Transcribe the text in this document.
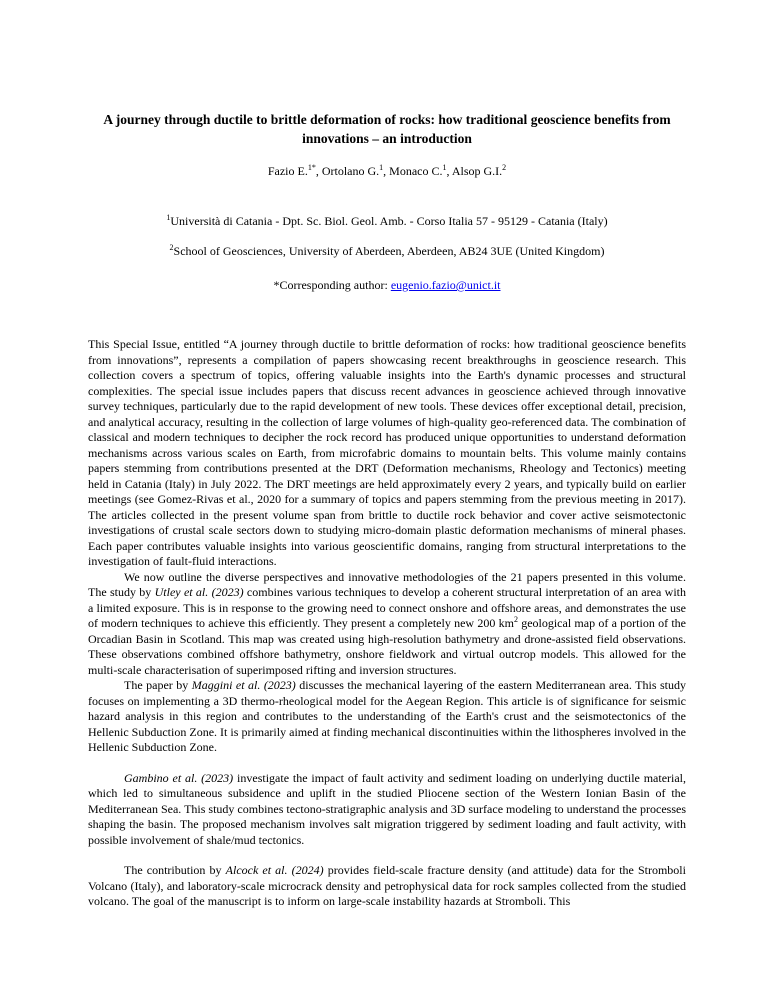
A journey through ductile to brittle deformation of rocks: how traditional geoscience benefits from innovations – an introduction
Fazio E.$^{1*}$, Ortolano G.$^1$, Monaco C.$^1$, Alsop G.I.$^2$
$^1$Università di Catania - Dpt. Sc. Biol. Geol. Amb. - Corso Italia 57 - 95129 - Catania (Italy)
$^2$School of Geosciences, University of Aberdeen, Aberdeen, AB24 3UE (United Kingdom)
*Corresponding author: eugenio.fazio@unict.it

This Special Issue, entitled “A journey through ductile to brittle deformation of rocks: how traditional geoscience benefits from innovations”, represents a compilation of papers showcasing recent breakthroughs in geoscience research. This collection covers a spectrum of topics, offering valuable insights into the Earth's dynamic processes and structural complexities. The special issue includes papers that discuss recent advances in geoscience achieved through innovative survey techniques, particularly due to the rapid development of new tools. These devices offer exceptional detail, precision, and analytical accuracy, resulting in the collection of large volumes of high-quality geo-referenced data. The combination of classical and modern techniques to decipher the rock record has produced unique opportunities to understand deformation mechanisms across various scales on Earth, from microfabric domains to mountain belts. This volume mainly contains papers stemming from contributions presented at the DRT (Deformation mechanisms, Rheology and Tectonics) meeting held in Catania (Italy) in July 2022. The DRT meetings are held approximately every 2 years, and typically build on earlier meetings (see Gomez-Rivas et al., 2020 for a summary of topics and papers stemming from the previous meeting in 2017). The articles collected in the present volume span from brittle to ductile rock behavior and cover active seismotectonic investigations of crustal scale sectors down to studying micro-domain plastic deformation mechanisms of mineral phases. Each paper contributes valuable insights into various geoscientific domains, ranging from structural interpretations to the investigation of fault-fluid interactions.

We now outline the diverse perspectives and innovative methodologies of the 21 papers presented in this volume. The study by Utley et al. (2023) combines various techniques to develop a coherent structural interpretation of an area with a limited exposure. This is in response to the growing need to connect onshore and offshore areas, and demonstrates the use of modern techniques to achieve this efficiently. They present a completely new 200 $km^2$ geological map of a portion of the Orcadian Basin in Scotland. This map was created using high-resolution bathymetry and drone-assisted field observations. These observations combined offshore bathymetry, onshore fieldwork and virtual outcrop models. This allowed for the multi-scale characterisation of superimposed rifting and inversion structures.

The paper by Maggini et al. (2023) discusses the mechanical layering of the eastern Mediterranean area. This study focuses on implementing a 3D thermo-rheological model for the Aegean Region. This article is of significance for seismic hazard analysis in this region and contributes to the understanding of the Earth's crust and the seismotectonics of the Hellenic Subduction Zone. It is primarily aimed at finding mechanical discontinuities within the lithospheres involved in the Hellenic Subduction Zone.

Gambino et al. (2023) investigate the impact of fault activity and sediment loading on underlying ductile material, which led to simultaneous subsidence and uplift in the studied Pliocene section of the Western Ionian Basin of the Mediterranean Sea. This study combines tectono-stratigraphic analysis and 3D surface modeling to understand the processes shaping the basin. The proposed mechanism involves salt migration triggered by sediment loading and fault activity, with possible involvement of shale/mud tectonics.

The contribution by Alcock et al. (2024) provides field-scale fracture density (and attitude) data for the Stromboli Volcano (Italy), and laboratory-scale microcrack density and petrophysical data for rock samples collected from the studied volcano. The goal of the manuscript is to inform on large-scale instability hazards at Stromboli. This
